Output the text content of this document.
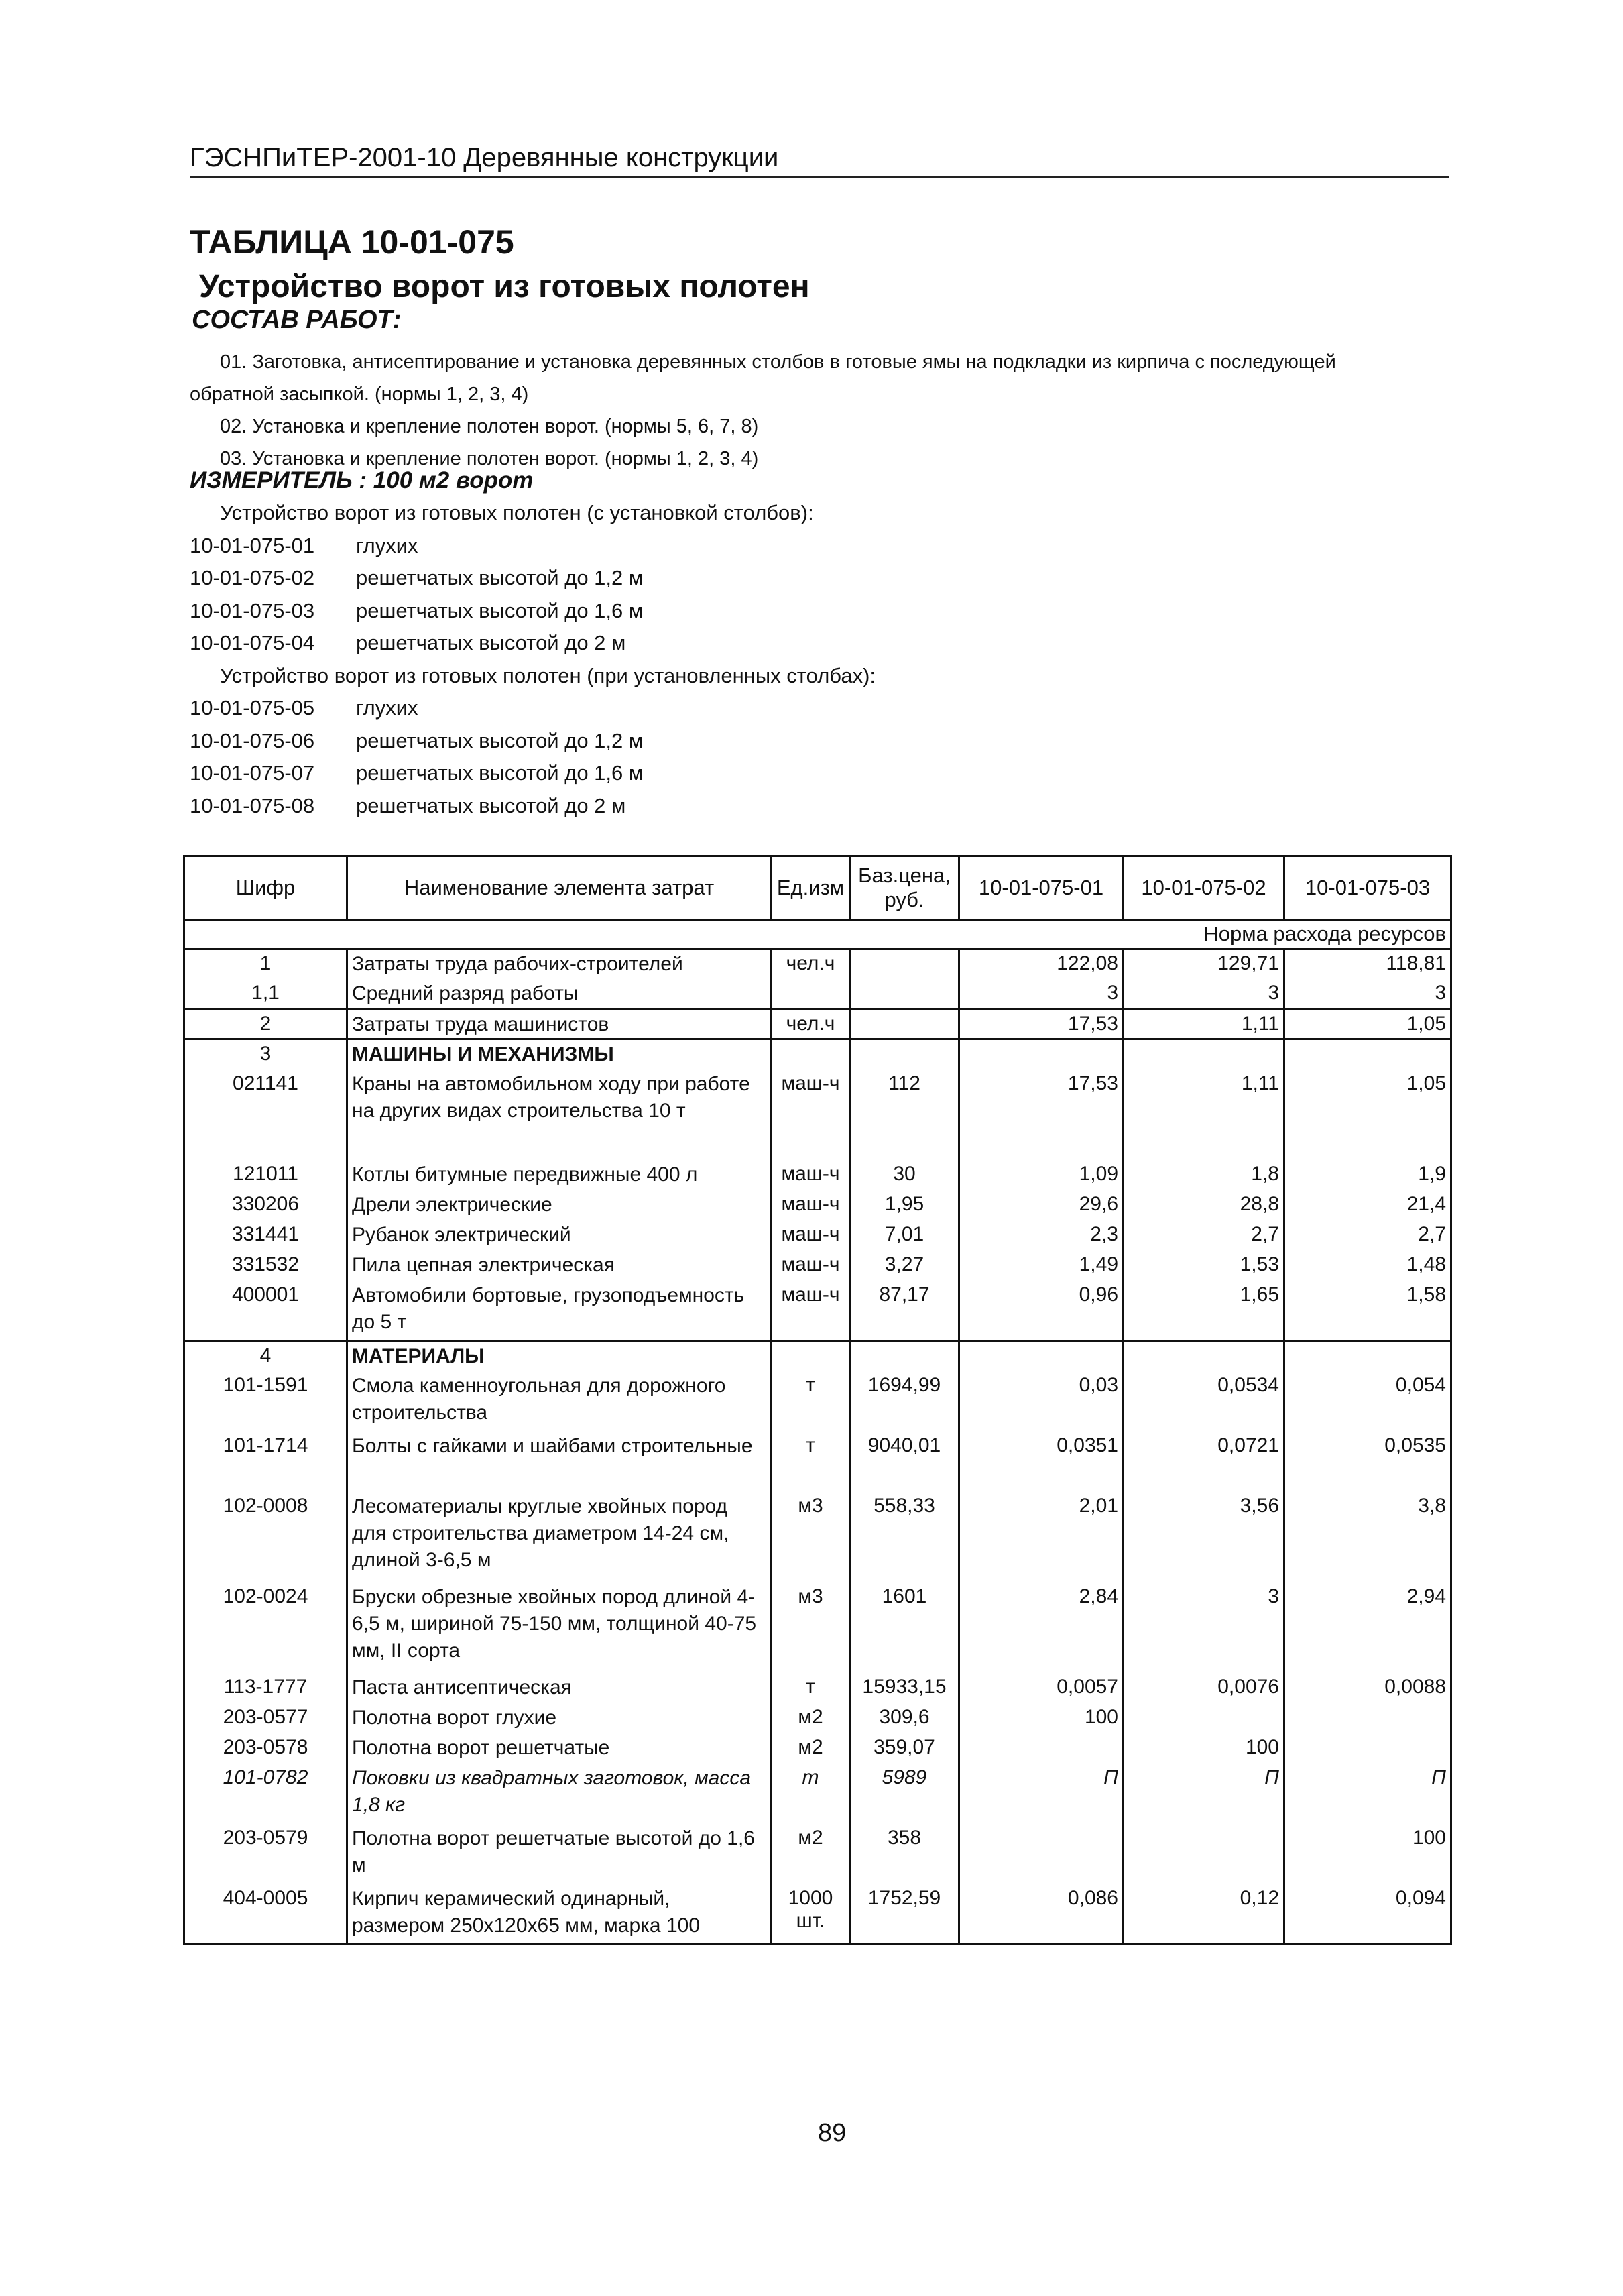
ГЭСНПиТЕР-2001-10 Деревянные конструкции
ТАБЛИЦА 10-01-075
Устройство ворот из готовых полотен
СОСТАВ РАБОТ:

01. Заготовка, антисептирование и установка деревянных столбов в готовые ямы на подкладки из кирпича с последующей

обратной засыпкой. (нормы 1, 2, 3, 4)

02. Установка и крепление полотен ворот. (нормы 5, 6, 7, 8)

03. Установка и крепление полотен ворот. (нормы 1, 2, 3, 4)

ИЗМЕРИТЕЛЬ : 100 м2 ворот
Устройство ворот из готовых полотен (с установкой столбов):
10-01-075-01	глухих
10-01-075-02	решетчатых высотой до 1,2 м
10-01-075-03	решетчатых высотой до 1,6 м
10-01-075-04	решетчатых высотой до 2 м
Устройство ворот из готовых полотен (при установленных столбах):
10-01-075-05	глухих
10-01-075-06	решетчатых высотой до 1,2 м
10-01-075-07	решетчатых высотой до 1,6 м
10-01-075-08	решетчатых высотой до 2 м
Шифр	Наименование элемента затрат	Ед.изм	Баз.цена, руб.	10-01-075-01	10-01-075-02	10-01-075-03
Норма расхода ресурсов						
1	Затраты труда рабочих-строителей	чел.ч		122,08	129,71	118,81
1,1	Средний разряд работы			3	3	3
2	Затраты труда машинистов	чел.ч		17,53	1,11	1,05
3	МАШИНЫ И МЕХАНИЗМЫ					
021141	Краны на автомобильном ходу при работе на других видах строительства 10 т	маш-ч	112	17,53	1,11	1,05
121011	Котлы битумные передвижные 400 л	маш-ч	30	1,09	1,8	1,9
330206	Дрели электрические	маш-ч	1,95	29,6	28,8	21,4
331441	Рубанок электрический	маш-ч	7,01	2,3	2,7	2,7
331532	Пила цепная электрическая	маш-ч	3,27	1,49	1,53	1,48
400001	Автомобили бортовые, грузоподъемность до 5 т	маш-ч	87,17	0,96	1,65	1,58
4	МАТЕРИАЛЫ					
101-1591	Смола каменноугольная для дорожного строительства	т	1694,99	0,03	0,0534	0,054
101-1714	Болты с гайками и шайбами строительные	т	9040,01	0,0351	0,0721	0,0535
102-0008	Лесоматериалы круглые хвойных пород для строительства диаметром 14-24 см, длиной 3-6,5 м	м3	558,33	2,01	3,56	3,8
102-0024	Бруски обрезные хвойных пород длиной 4-6,5 м, шириной 75-150 мм, толщиной 40-75 мм, II сорта	м3	1601	2,84	3	2,94
113-1777	Паста антисептическая	т	15933,15	0,0057	0,0076	0,0088
203-0577	Полотна ворот глухие	м2	309,6	100		
203-0578	Полотна ворот решетчатые	м2	359,07		100	
101-0782	Поковки из квадратных заготовок, масса 1,8 кг	т	5989	П	П	П
203-0579	Полотна ворот решетчатые высотой до 1,6 м	м2	358			100
404-0005	Кирпич керамический одинарный, размером 250х120х65 мм, марка 100	1000 шт.	1752,59	0,086	0,12	0,094
89
